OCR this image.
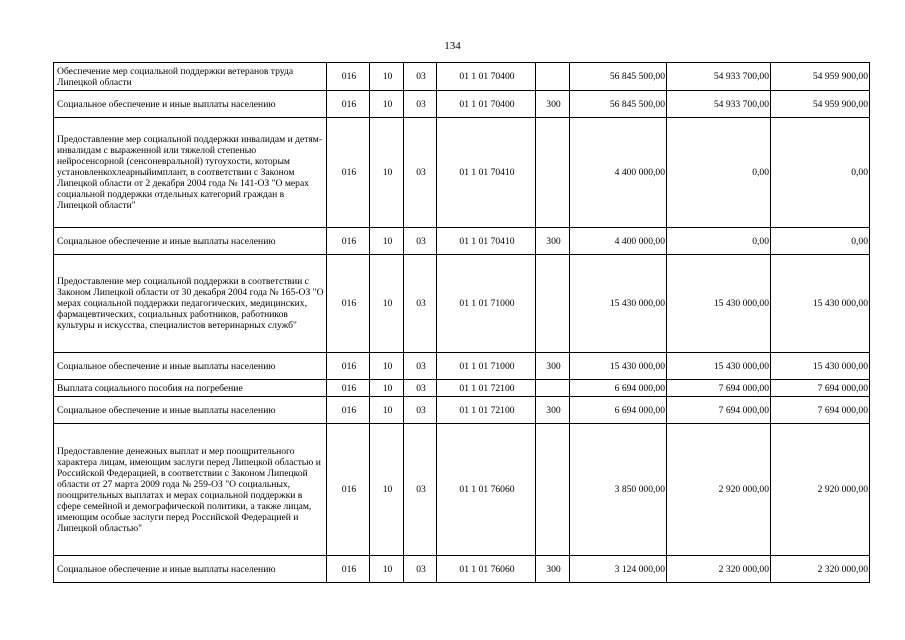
134
Обеспечение мер социальной поддержки ветеранов труда Липецкой области	016	10	03	01 1 01 70400		56 845 500,00	54 933 700,00	54 959 900,00
Социальное обеспечение и иные выплаты населению	016	10	03	01 1 01 70400	300	56 845 500,00	54 933 700,00	54 959 900,00
Предоставление мер социальной поддержки инвалидам и детям-инвалидам с выраженной или тяжелой степенью нейросенсорной (сенсоневральной) тугоухости, которым установленкохлеарныйимплант, в соответствии с Законом Липецкой области от 2 декабря 2004 года № 141-ОЗ "О мерах социальной поддержки отдельных категорий граждан в Липецкой области"	016	10	03	01 1 01 70410		4 400 000,00	0,00	0,00
Социальное обеспечение и иные выплаты населению	016	10	03	01 1 01 70410	300	4 400 000,00	0,00	0,00
Предоставление мер социальной поддержки в соответствии с Законом Липецкой области от 30 декабря 2004 года № 165-ОЗ "О мерах социальной поддержки педагогических, медицинских, фармацевтических, социальных работников, работников культуры и искусства, специалистов ветеринарных служб"	016	10	03	01 1 01 71000		15 430 000,00	15 430 000,00	15 430 000,00
Социальное обеспечение и иные выплаты населению	016	10	03	01 1 01 71000	300	15 430 000,00	15 430 000,00	15 430 000,00
Выплата социального пособия на погребение	016	10	03	01 1 01 72100		6 694 000,00	7 694 000,00	7 694 000,00
Социальное обеспечение и иные выплаты населению	016	10	03	01 1 01 72100	300	6 694 000,00	7 694 000,00	7 694 000,00
Предоставление денежных выплат и мер поощрительного характера лицам, имеющим заслуги перед Липецкой областью и Российской Федерацией, в соответствии с Законом Липецкой области от 27 марта 2009 года № 259-ОЗ "О социальных, поощрительных выплатах и мерах социальной поддержки в сфере семейной и демографической политики, а также лицам, имеющим особые заслуги перед Российской Федерацией и Липецкой областью"	016	10	03	01 1 01 76060		3 850 000,00	2 920 000,00	2 920 000,00
Социальное обеспечение и иные выплаты населению	016	10	03	01 1 01 76060	300	3 124 000,00	2 320 000,00	2 320 000,00
